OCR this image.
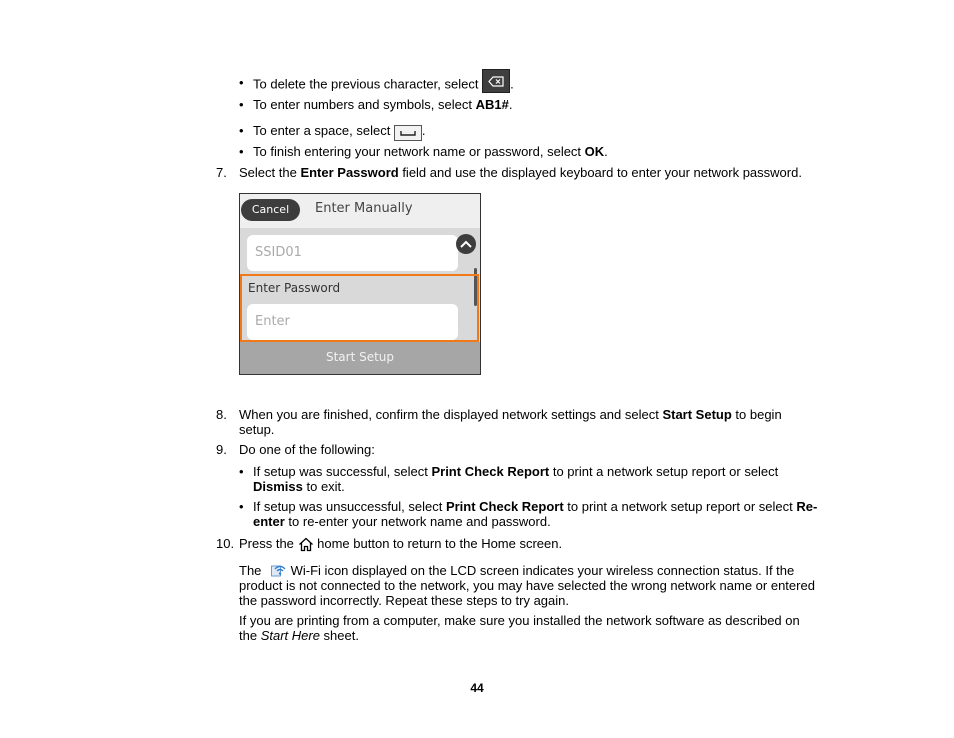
• To delete the previous character, select
.
• To enter numbers and symbols, select AB1#.
• To enter a space, select
.
• To finish entering your network name or password, select OK.
7. Select the Enter Password field and use the displayed keyboard to enter your network password.
Cancel	Enter Manually
SSID01
Enter Password
Enter
Start Setup
8. When you are finished, confirm the displayed network settings and select Start Setup to begin
setup.
9. Do one of the following:
• If setup was successful, select Print Check Report to print a network setup report or select
Dismiss to exit.
• If setup was unsuccessful, select Print Check Report to print a network setup report or select Re-
enter to re-enter your network name and password.
10. Press the  home button to return to the Home screen.
The  Wi-Fi icon displayed on the LCD screen indicates your wireless connection status. If the
product is not connected to the network, you may have selected the wrong network name or entered
the password incorrectly. Repeat these steps to try again.
If you are printing from a computer, make sure you installed the network software as described on
the Start Here sheet.
44
